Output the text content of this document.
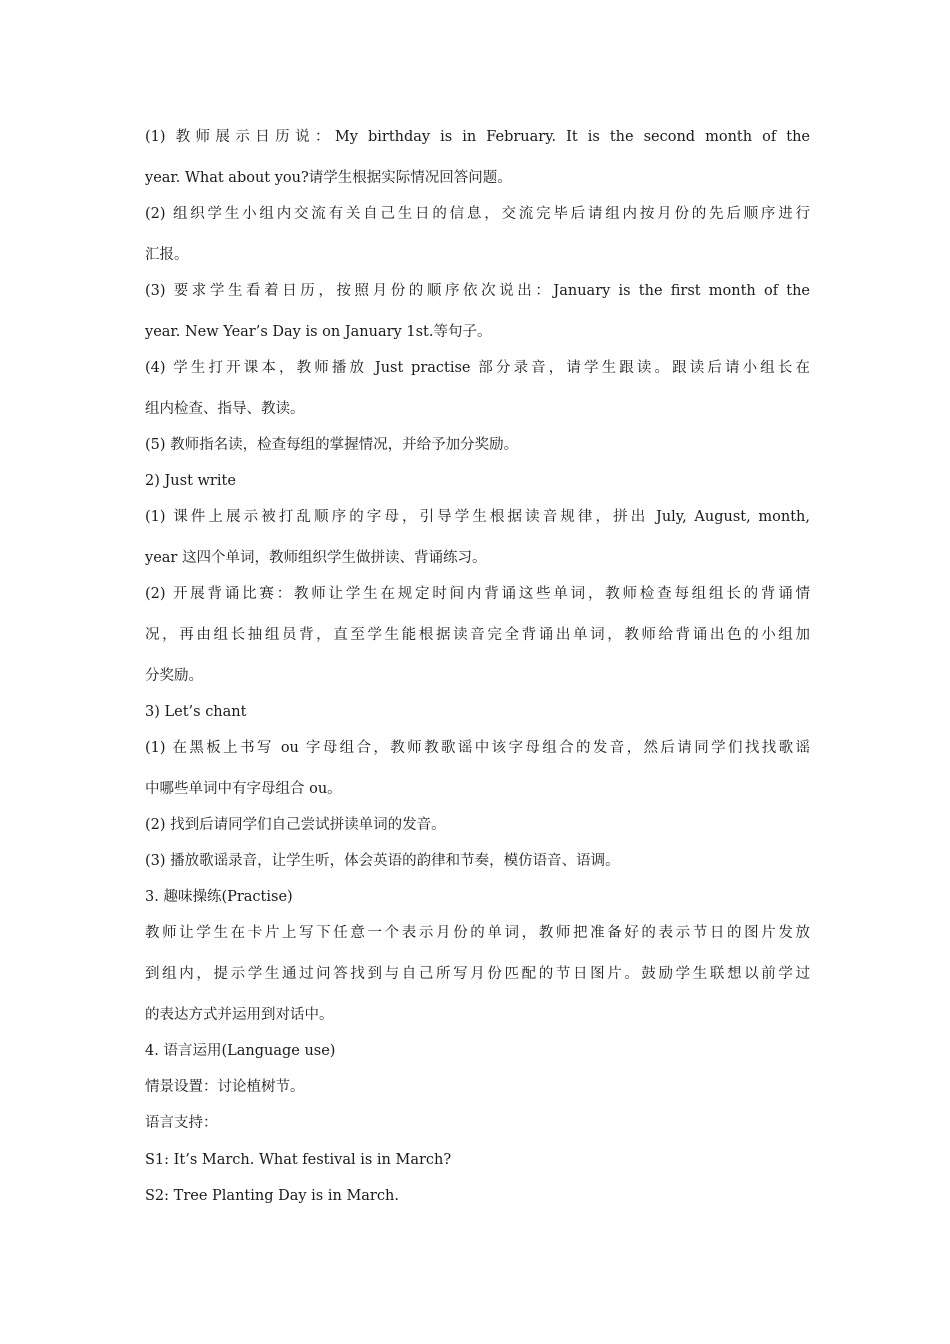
(1) 教师展示日历说：My birthday is in February. It is the second month of the
year. What about you?请学生根据实际情况回答问题。
(2) 组织学生小组内交流有关自己生日的信息，交流完毕后请组内按月份的先后顺序进行
汇报。
(3) 要求学生看着日历，按照月份的顺序依次说出：January is the first month of the
year. New Year’s Day is on January 1st.等句子。
(4) 学生打开课本，教师播放 Just practise 部分录音，请学生跟读。跟读后请小组长在
组内检查、指导、教读。
(5) 教师指名读，检查每组的掌握情况，并给予加分奖励。
2) Just write
(1) 课件上展示被打乱顺序的字母，引导学生根据读音规律，拼出 July, August, month,
year 这四个单词，教师组织学生做拼读、背诵练习。
(2) 开展背诵比赛：教师让学生在规定时间内背诵这些单词，教师检查每组组长的背诵情
况，再由组长抽组员背，直至学生能根据读音完全背诵出单词，教师给背诵出色的小组加
分奖励。
3) Let’s chant
(1) 在黑板上书写 ou 字母组合，教师教歌谣中该字母组合的发音，然后请同学们找找歌谣
中哪些单词中有字母组合 ou。
(2) 找到后请同学们自己尝试拼读单词的发音。
(3) 播放歌谣录音，让学生听，体会英语的韵律和节奏，模仿语音、语调。
3. 趣味操练(Practise)
教师让学生在卡片上写下任意一个表示月份的单词，教师把准备好的表示节日的图片发放
到组内，提示学生通过问答找到与自己所写月份匹配的节日图片。鼓励学生联想以前学过
的表达方式并运用到对话中。
4. 语言运用(Language use)
情景设置：讨论植树节。
语言支持：
S1: It’s March. What festival is in March?
S2: Tree Planting Day is in March.
